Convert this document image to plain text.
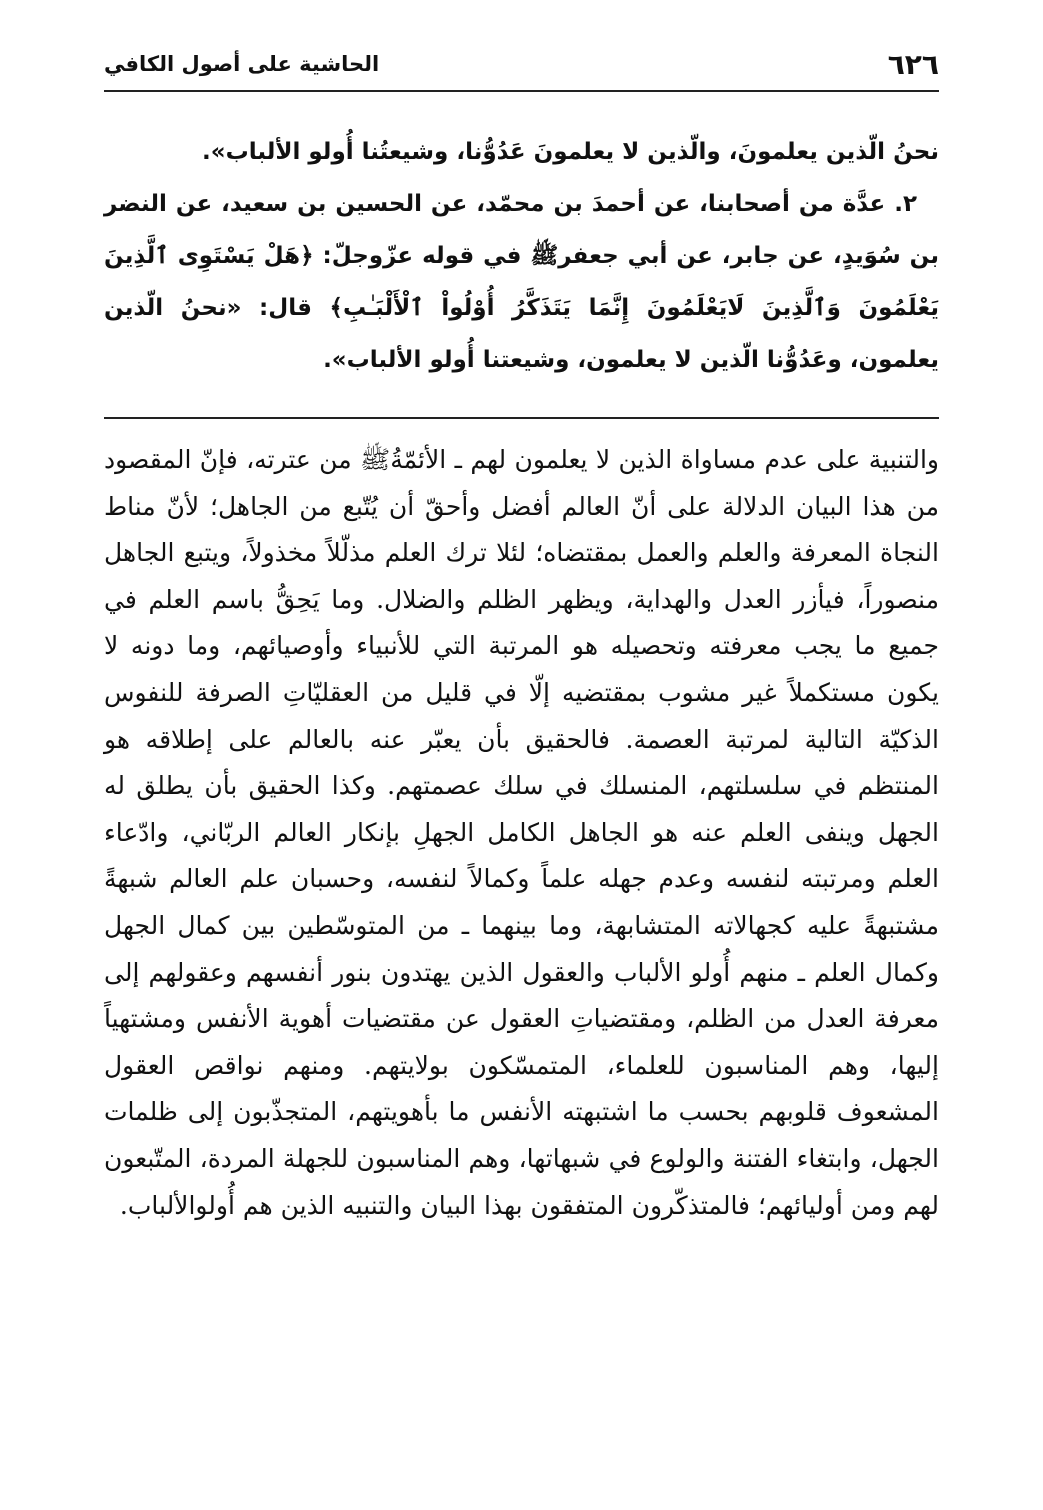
٦٢٦
الحاشية على أصول الكافي

نحنُ الّذين يعلمونَ، والّذين لا يعلمونَ عَدُوُّنا، وشيعتُنا أُولو الألباب».

٢. عدَّة من أصحابنا، عن أحمدَ بن محمّد، عن الحسين بن سعيد، عن النضر بن سُوَيدٍ، عن جابر، عن أبي جعفرﷺ في قوله عزّوجلّ: ﴿هَلْ يَسْتَوِى ٱلَّذِينَ يَعْلَمُونَ وَٱلَّذِينَ لَايَعْلَمُونَ إِنَّمَا يَتَذَكَّرُ أُوْلُواْ ٱلْأَلْبَـٰبِ﴾ قال: «نحنُ الّذين يعلمون، وعَدُوُّنا الّذين لا يعلمون، وشيعتنا أُولو الألباب».

والتنبية على عدم مساواة الذين لا يعلمون لهم ـ الأئمّةُﷺ من عترته، فإنّ المقصود من هذا البيان الدلالة على أنّ العالم أفضل وأحقّ أن يُتّبع من الجاهل؛ لأنّ مناط النجاة المعرفة والعلم والعمل بمقتضاه؛ لئلا ترك العلم مذلّلاً مخذولاً، ويتبع الجاهل منصوراً، فيأزر العدل والهداية، ويظهر الظلم والضلال. وما يَحِقُّ باسم العلم في جميع ما يجب معرفته وتحصيله هو المرتبة التي للأنبياء وأوصيائهم، وما دونه لا يكون مستكملاً غير مشوب بمقتضيه إلّا في قليل من العقليّاتِ الصرفة للنفوس الذكيّة التالية لمرتبة العصمة. فالحقيق بأن يعبّر عنه بالعالم على إطلاقه هو المنتظم في سلسلتهم، المنسلك في سلك عصمتهم. وكذا الحقيق بأن يطلق له الجهل وينفى العلم عنه هو الجاهل الكامل الجهلِ بإنكار العالم الربّاني، وادّعاء العلم ومرتبته لنفسه وعدم جهله علماً وكمالاً لنفسه، وحسبان علم العالم شبهةً مشتبهةً عليه كجهالاته المتشابهة، وما بينهما ـ من المتوسّطين بين كمال الجهل وكمال العلم ـ منهم أُولو الألباب والعقول الذين يهتدون بنور أنفسهم وعقولهم إلى معرفة العدل من الظلم، ومقتضياتِ العقول عن مقتضيات أهوية الأنفس ومشتهياً إليها، وهم المناسبون للعلماء، المتمسّكون بولايتهم. ومنهم نواقص العقول المشعوف قلوبهم بحسب ما اشتبهته الأنفس ما بأهويتهم، المتجذّبون إلى ظلمات الجهل، وابتغاء الفتنة والولوع في شبهاتها، وهم المناسبون للجهلة المردة، المتّبعون لهم ومن أوليائهم؛ فالمتذكّرون المتفقون بهذا البيان والتنبيه الذين هم أُولوالألباب.
